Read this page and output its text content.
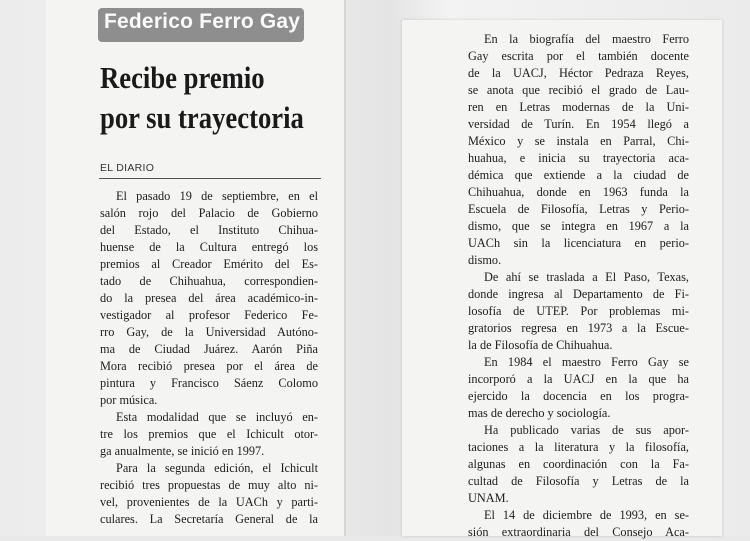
Federico Ferro Gay
Recibe premio
por su trayectoria
EL DIARIO
El pasado 19 de septiembre, en el
salón rojo del Palacio de Gobierno
del Estado, el Instituto Chihua-
huense de la Cultura entregó los
premios al Creador Emérito del Es-
tado de Chihuahua, correspondien-
do la presea del área académico-in-
vestigador al profesor Federico Fe-
rro Gay, de la Universidad Autóno-
ma de Ciudad Juárez. Aarón Piña
Mora recibió presea por el área de
pintura y Francisco Sáenz Colomo
por música.
Esta modalidad que se incluyó en-
tre los premios que el Ichicult otor-
ga anualmente, se inició en 1997.
Para la segunda edición, el Ichicult
recibió tres propuestas de muy alto ni-
vel, provenientes de la UACh y parti-
culares. La Secretaría General de la
En la biografía del maestro Ferro
Gay escrita por el también docente
de la UACJ, Héctor Pedraza Reyes,
se anota que recibió el grado de Lau-
ren en Letras modernas de la Uni-
versidad de Turín. En 1954 llegó a
México y se instala en Parral, Chi-
huahua, e inicia su trayectoria aca-
démica que extiende a la ciudad de
Chihuahua, donde en 1963 funda la
Escuela de Filosofía, Letras y Perio-
dismo, que se integra en 1967 a la
UACh sin la licenciatura en perio-
dismo.
De ahí se traslada a El Paso, Texas,
donde ingresa al Departamento de Fi-
losofía de UTEP. Por problemas mi-
gratorios regresa en 1973 a la Escue-
la de Filosofía de Chihuahua.
En 1984 el maestro Ferro Gay se
incorporó a la UACJ en la que ha
ejercido la docencia en los progra-
mas de derecho y sociología.
Ha publicado varias de sus apor-
taciones a la literatura y la filosofía,
algunas en coordinación con la Fa-
cultad de Filosofía y Letras de la
UNAM.
El 14 de diciembre de 1993, en se-
sión extraordinaria del Consejo Aca-
